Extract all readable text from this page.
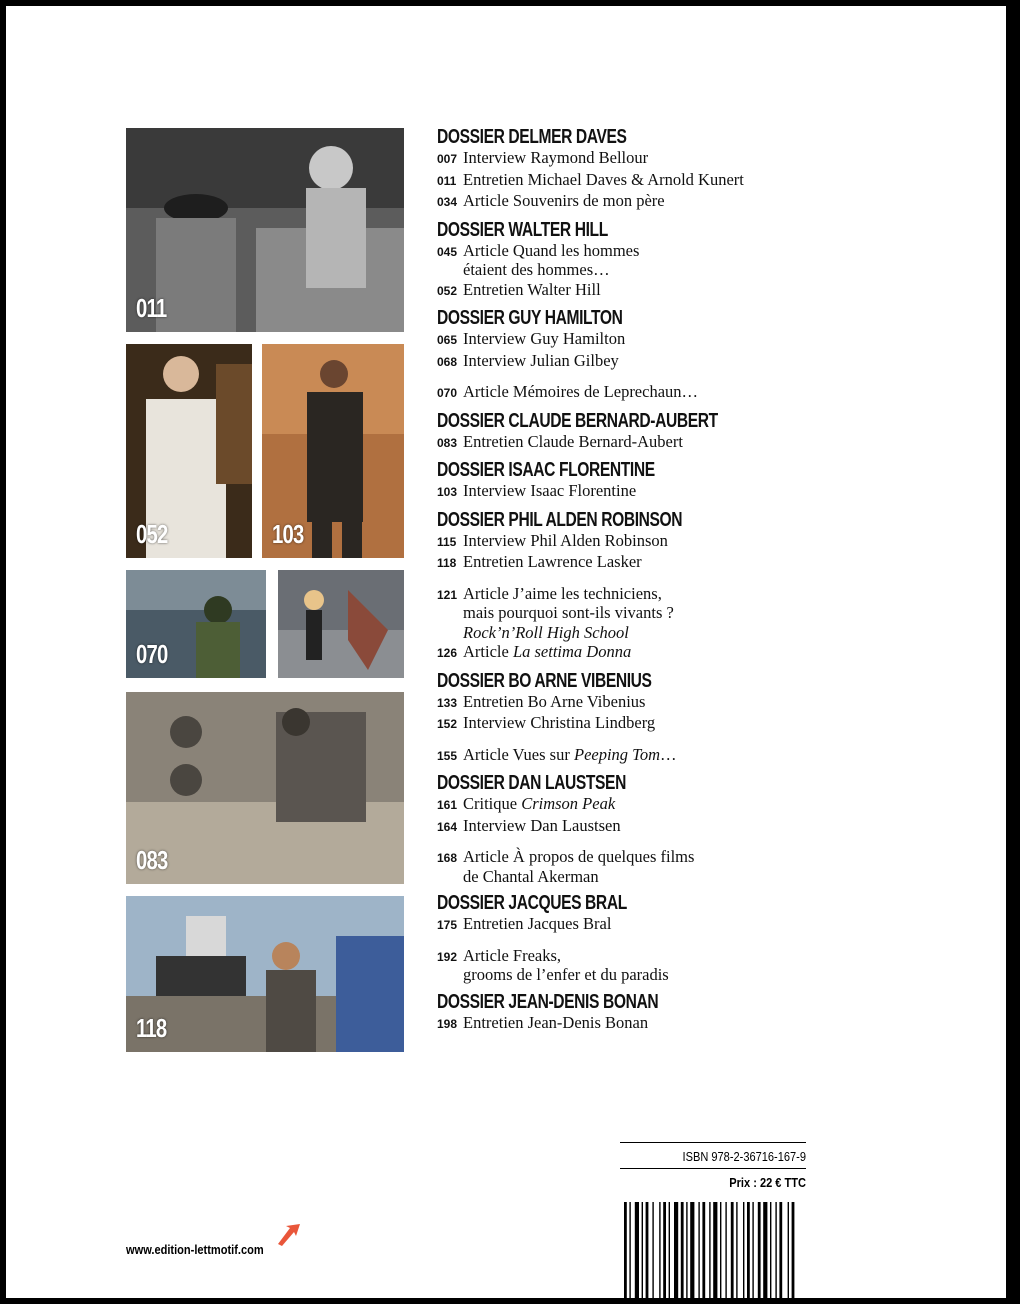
011
052	103
070
083
118
DOSSIER DELMER DAVES
007 Interview Raymond Bellour
011 Entretien Michael Daves & Arnold Kunert
034 Article Souvenirs de mon père
DOSSIER WALTER HILL
045 Article Quand les hommes
étaient des hommes…
052 Entretien Walter Hill
DOSSIER GUY HAMILTON
065 Interview Guy Hamilton
068 Interview Julian Gilbey
070 Article Mémoires de Leprechaun…
DOSSIER CLAUDE BERNARD-AUBERT
083 Entretien Claude Bernard-Aubert
DOSSIER ISAAC FLORENTINE
103 Interview Isaac Florentine
DOSSIER PHIL ALDEN ROBINSON
115 Interview Phil Alden Robinson
118 Entretien Lawrence Lasker
121 Article J’aime les techniciens,
mais pourquoi sont-ils vivants ?
Rock’n’Roll High School
126 Article La settima Donna
DOSSIER BO ARNE VIBENIUS
133 Entretien Bo Arne Vibenius
152 Interview Christina Lindberg
155 Article Vues sur Peeping Tom…
DOSSIER DAN LAUSTSEN
161 Critique Crimson Peak
164 Interview Dan Laustsen
168 Article À propos de quelques films
de Chantal Akerman
DOSSIER JACQUES BRAL
175 Entretien Jacques Bral
192 Article Freaks,
grooms de l’enfer et du paradis
DOSSIER JEAN-DENIS BONAN
198 Entretien Jean-Denis Bonan
ISBN 978-2-36716-167-9
Prix : 22 € TTC
www.edition-lettmotif.com
